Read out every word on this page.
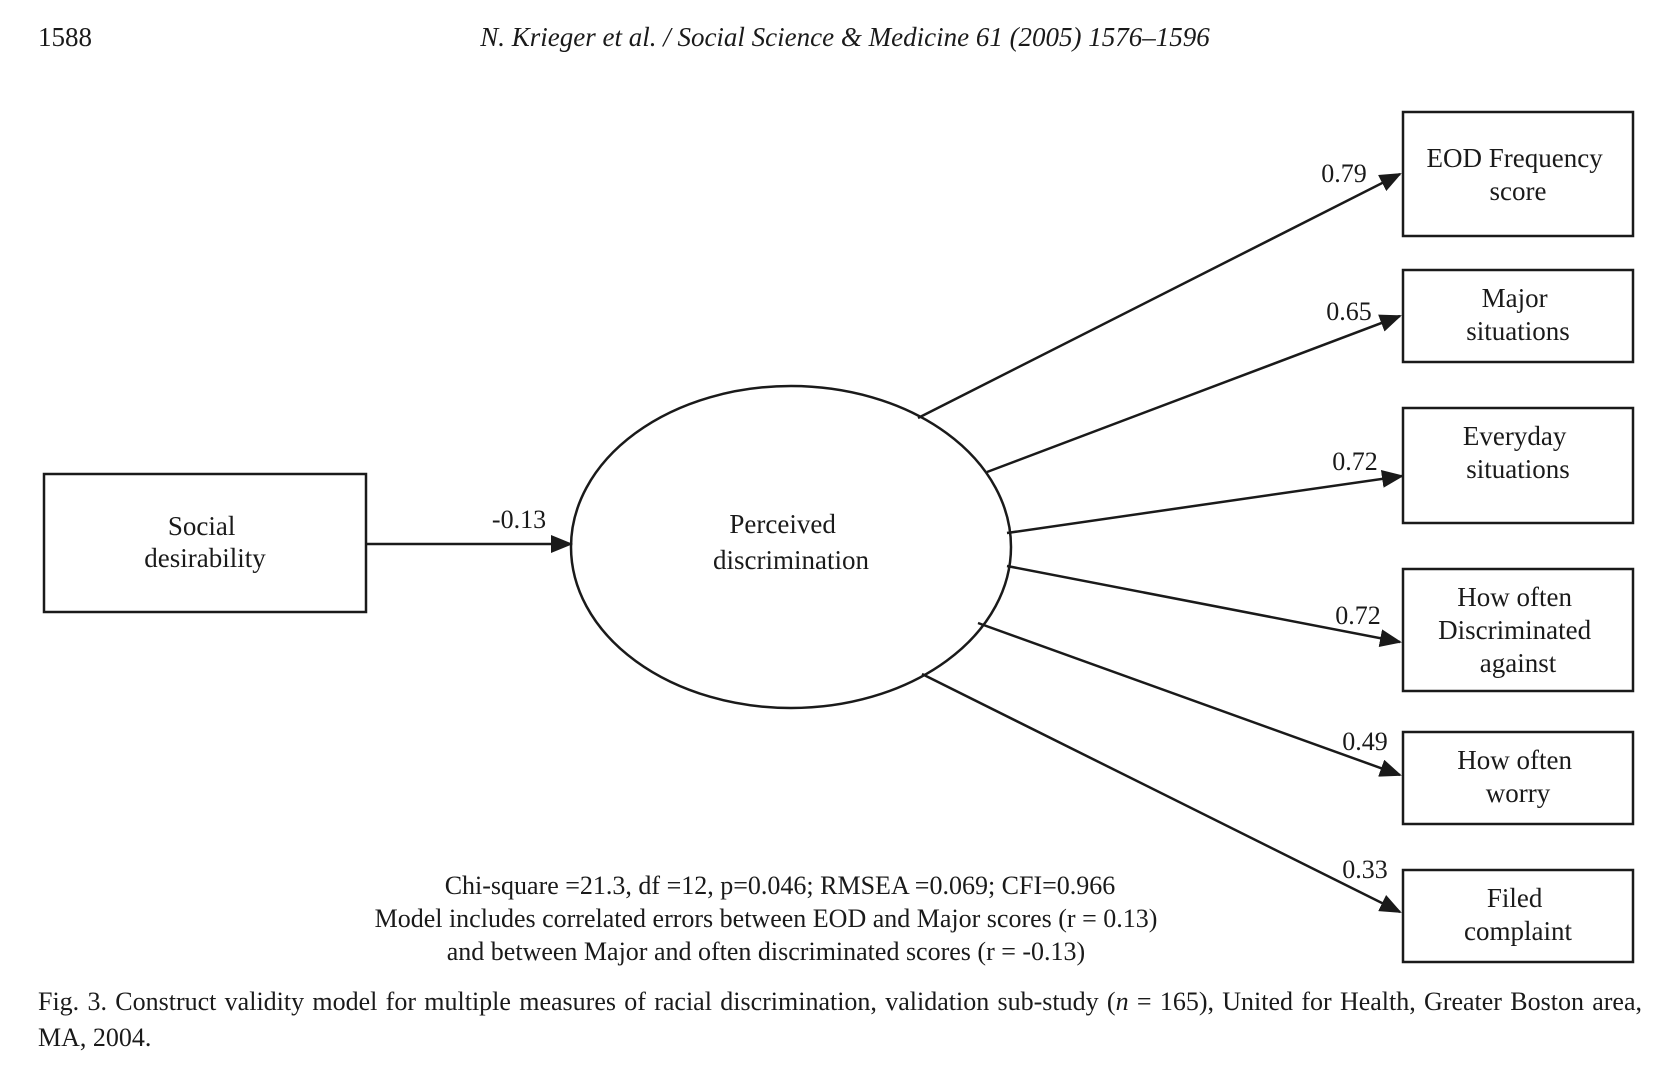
1588	N. Krieger et al. / Social Science & Medicine 61 (2005) 1576–1596
Social desirability
-0.13	Perceived discrimination
0.79
0.65
0.72
0.72
0.49
0.33
EOD Frequency score
Major situations
Everyday situations
How often Discriminated against
How often worry
Filed complaint
Chi-square =21.3, df =12, p=0.046; RMSEA =0.069; CFI=0.966
Model includes correlated errors between EOD and Major scores (r = 0.13)
and between Major and often discriminated scores (r = -0.13)
Fig. 3. Construct validity model for multiple measures of racial discrimination, validation sub-study (n = 165), United for Health, Greater Boston area, MA, 2004.
